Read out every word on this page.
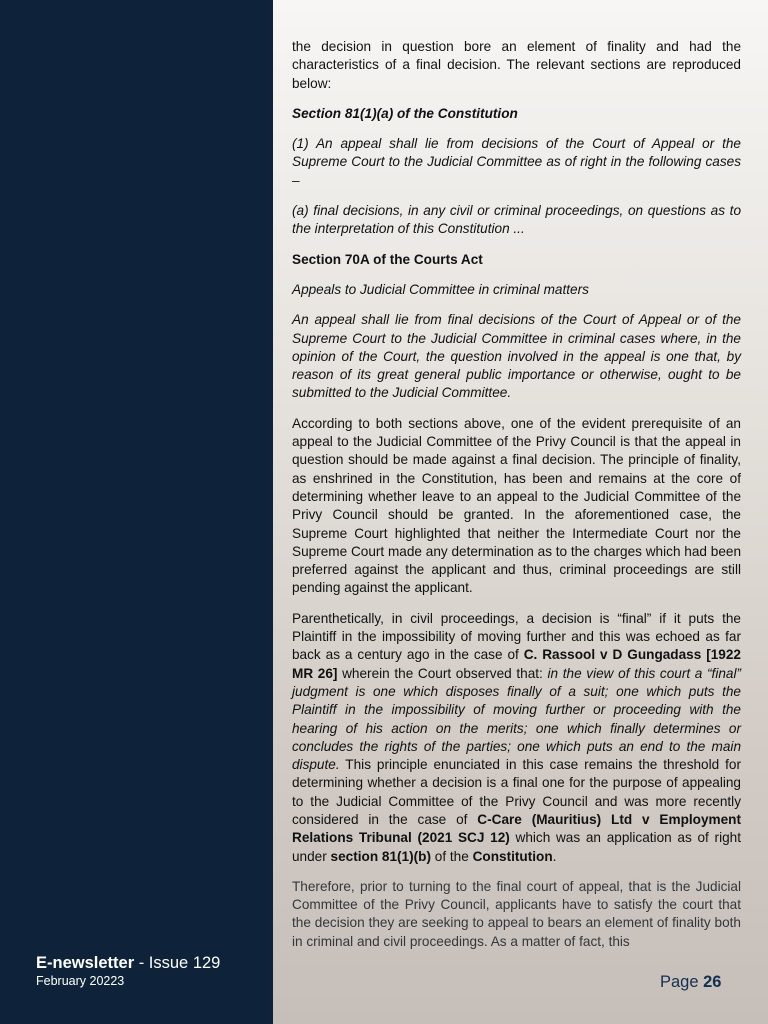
E-newsletter - Issue 129
February 20223

the decision in question bore an element of finality and had the characteristics of a final decision. The relevant sections are reproduced below:

Section 81(1)(a) of the Constitution

(1) An appeal shall lie from decisions of the Court of Appeal or the Supreme Court to the Judicial Committee as of right in the following cases –

(a) final decisions, in any civil or criminal proceedings, on questions as to the interpretation of this Constitution ...

Section 70A of the Courts Act

Appeals to Judicial Committee in criminal matters

An appeal shall lie from final decisions of the Court of Appeal or of the Supreme Court to the Judicial Committee in criminal cases where, in the opinion of the Court, the question involved in the appeal is one that, by reason of its great general public importance or otherwise, ought to be submitted to the Judicial Committee.

According to both sections above, one of the evident prerequisite of an appeal to the Judicial Committee of the Privy Council is that the appeal in question should be made against a final decision. The principle of finality, as enshrined in the Constitution, has been and remains at the core of determining whether leave to an appeal to the Judicial Committee of the Privy Council should be granted. In the aforementioned case, the Supreme Court highlighted that neither the Intermediate Court nor the Supreme Court made any determination as to the charges which had been preferred against the applicant and thus, criminal proceedings are still pending against the applicant.

Parenthetically, in civil proceedings, a decision is “final” if it puts the Plaintiff in the impossibility of moving further and this was echoed as far back as a century ago in the case of C. Rassool v D Gungadass [1922 MR 26] wherein the Court observed that: in the view of this court a “final” judgment is one which disposes finally of a suit; one which puts the Plaintiff in the impossibility of moving further or proceeding with the hearing of his action on the merits; one which finally determines or concludes the rights of the parties; one which puts an end to the main dispute. This principle enunciated in this case remains the threshold for determining whether a decision is a final one for the purpose of appealing to the Judicial Committee of the Privy Council and was more recently considered in the case of C-Care (Mauritius) Ltd v Employment Relations Tribunal (2021 SCJ 12) which was an application as of right under section 81(1)(b) of the Constitution.

Therefore, prior to turning to the final court of appeal, that is the Judicial Committee of the Privy Council, applicants have to satisfy the court that the decision they are seeking to appeal to bears an element of finality both in criminal and civil proceedings. As a matter of fact, this

Page 26
